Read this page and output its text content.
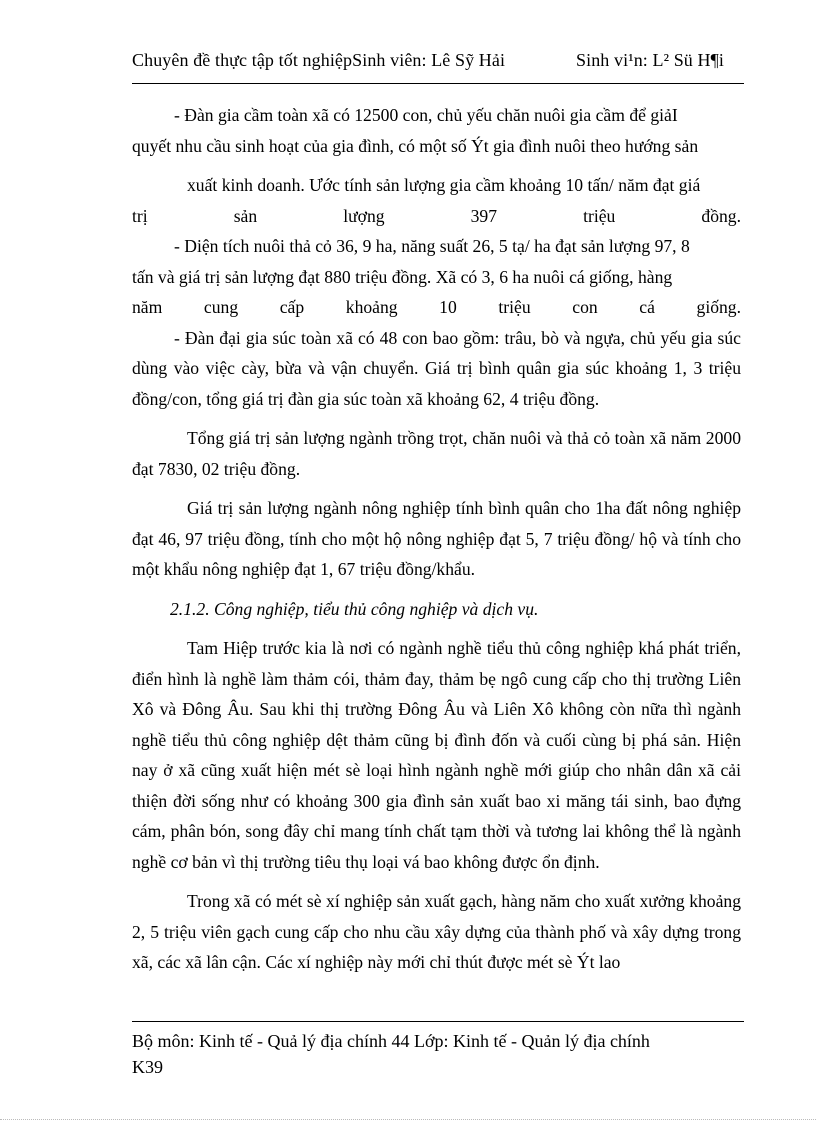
Chuyên đề thực tập tốt nghiệpSinh viên: Lê Sỹ Hải	Sinh vi¹n: L² Sü H¶i

- Đàn gia cầm toàn xã có 12500 con, chủ yếu chăn nuôi gia cầm để giảI

quyết nhu cầu sinh hoạt của gia đình, có một số Ýt gia đình nuôi theo hướng sản

xuất kinh doanh. Ước tính sản lượng gia cầm khoảng 10 tấn/ năm đạt giá

trị sản lượng 397 triệu đồng.

- Diện tích nuôi thả cỏ 36, 9 ha, năng suất 26, 5 tạ/ ha đạt sản lượng 97, 8

tấn và giá trị sản lượng đạt 880 triệu đồng. Xã có 3, 6 ha nuôi cá giống, hàng

năm cung cấp khoảng 10 triệu con cá giống.

- Đàn đại gia súc toàn xã có 48 con bao gồm: trâu, bò và ngựa, chủ yếu gia súc dùng vào việc cày, bừa và vận chuyển. Giá trị bình quân gia súc khoảng 1, 3 triệu đồng/con, tổng giá trị đàn gia súc toàn xã khoảng 62, 4 triệu đồng.

Tổng giá trị sản lượng ngành trồng trọt, chăn nuôi và thả cỏ toàn xã năm 2000 đạt 7830, 02 triệu đồng.

Giá trị sản lượng ngành nông nghiệp tính bình quân cho 1ha đất nông nghiệp đạt 46, 97 triệu đồng, tính cho một hộ nông nghiệp đạt 5, 7 triệu đồng/ hộ và tính cho một khẩu nông nghiệp đạt 1, 67 triệu đồng/khẩu.

2.1.2. Công nghiệp, tiểu thủ công nghiệp và dịch vụ.

Tam Hiệp trước kia là nơi có ngành nghề tiểu thủ công nghiệp khá phát triển, điển hình là nghề làm thảm cói, thảm đay, thảm bẹ ngô cung cấp cho thị trường Liên Xô và Đông Âu. Sau khi thị trường Đông Âu và Liên Xô không còn nữa thì ngành nghề tiểu thủ công nghiệp dệt thảm cũng bị đình đốn và cuối cùng bị phá sản. Hiện nay ở xã cũng xuất hiện mét sè loại hình ngành nghề mới giúp cho nhân dân xã cải thiện đời sống như có khoảng 300 gia đình sản xuất bao xi măng tái sinh, bao đựng cám, phân bón, song đây chỉ mang tính chất tạm thời và tương lai không thể là ngành nghề cơ bản vì thị trường tiêu thụ loại vá bao không được ổn định.

Trong xã có mét sè xí nghiệp sản xuất gạch, hàng năm cho xuất xưởng khoảng 2, 5 triệu viên gạch cung cấp cho nhu cầu xây dựng của thành phố và xây dựng trong xã, các xã lân cận. Các xí nghiệp này mới chỉ thút được mét sè Ýt lao

Bộ môn: Kinh tế - Quả lý địa chính 44 Lớp: Kinh tế - Quản lý địa chính
K39
